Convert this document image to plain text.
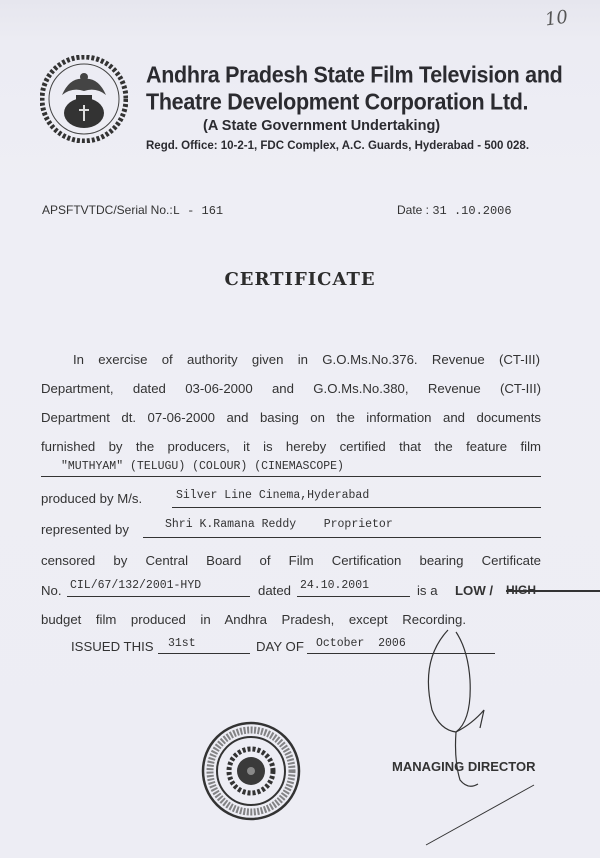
10
Andhra Pradesh State Film Television and
Theatre Development Corporation Ltd.
(A State Government Undertaking)
Regd. Office: 10-2-1, FDC Complex, A.C. Guards, Hyderabad - 500 028.
APSFTVTDC/Serial No.:L - 161	Date : 31 .10.2006
CERTIFICATE
In exercise of authority given in G.O.Ms.No.376. Revenue (CT-III)
Department, dated 03-06-2000 and G.O.Ms.No.380, Revenue (CT-III)
Department dt. 07-06-2000 and basing on the information and documents
furnished by the producers, it is hereby certified that the feature film
"MUTHYAM" (TELUGU) (COLOUR) (CINEMASCOPE)
produced by M/s.	Silver Line Cinema,Hyderabad
represented by	Shri K.Ramana Reddy    Proprietor
censored by Central Board of Film Certification bearing Certificate
No. CIL/67/132/2001-HYD	dated 24.10.2001	is a LOW / HIGH
budget film produced in Andhra Pradesh, except Recording.
ISSUED THIS 31st	DAY OF October  2006
MANAGING DIRECTOR
